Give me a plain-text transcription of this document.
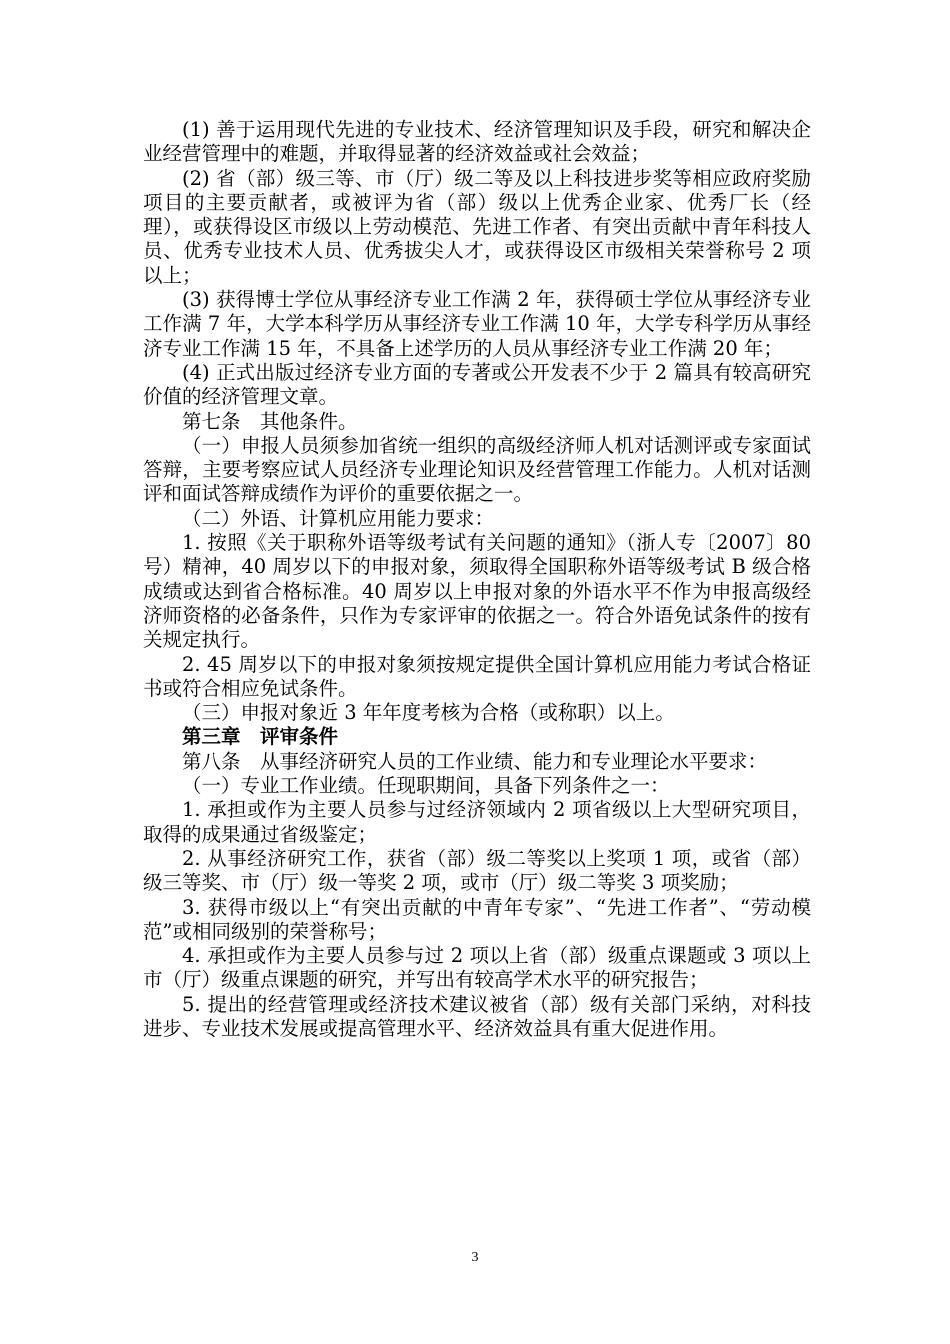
(1) 善于运用现代先进的专业技术、经济管理知识及手段，研究和解决企业经营管理中的难题，并取得显著的经济效益或社会效益；

(2) 省（部）级三等、市（厅）级二等及以上科技进步奖等相应政府奖励项目的主要贡献者，或被评为省（部）级以上优秀企业家、优秀厂长（经理），或获得设区市级以上劳动模范、先进工作者、有突出贡献中青年科技人员、优秀专业技术人员、优秀拔尖人才，或获得设区市级相关荣誉称号 2 项以上；

(3) 获得博士学位从事经济专业工作满 2 年，获得硕士学位从事经济专业工作满 7 年，大学本科学历从事经济专业工作满 10 年，大学专科学历从事经济专业工作满 15 年，不具备上述学历的人员从事经济专业工作满 20 年；

(4) 正式出版过经济专业方面的专著或公开发表不少于 2 篇具有较高研究价值的经济管理文章。

第七条　其他条件。

（一）申报人员须参加省统一组织的高级经济师人机对话测评或专家面试答辩，主要考察应试人员经济专业理论知识及经营管理工作能力。人机对话测评和面试答辩成绩作为评价的重要依据之一。

（二）外语、计算机应用能力要求：

1. 按照《关于职称外语等级考试有关问题的通知》（浙人专〔2007〕80 号）精神，40 周岁以下的申报对象，须取得全国职称外语等级考试 B 级合格成绩或达到省合格标准。40 周岁以上申报对象的外语水平不作为申报高级经济师资格的必备条件，只作为专家评审的依据之一。符合外语免试条件的按有关规定执行。

2. 45 周岁以下的申报对象须按规定提供全国计算机应用能力考试合格证书或符合相应免试条件。

（三）申报对象近 3 年年度考核为合格（或称职）以上。

第三章　评审条件

第八条　从事经济研究人员的工作业绩、能力和专业理论水平要求：

（一）专业工作业绩。任现职期间，具备下列条件之一：

1. 承担或作为主要人员参与过经济领域内 2 项省级以上大型研究项目，取得的成果通过省级鉴定；

2. 从事经济研究工作，获省（部）级二等奖以上奖项 1 项，或省（部）级三等奖、市（厅）级一等奖 2 项，或市（厅）级二等奖 3 项奖励；

3. 获得市级以上“有突出贡献的中青年专家”、“先进工作者”、“劳动模范”或相同级别的荣誉称号；

4. 承担或作为主要人员参与过 2 项以上省（部）级重点课题或 3 项以上市（厅）级重点课题的研究，并写出有较高学术水平的研究报告；

5. 提出的经营管理或经济技术建议被省（部）级有关部门采纳，对科技进步、专业技术发展或提高管理水平、经济效益具有重大促进作用。

3
